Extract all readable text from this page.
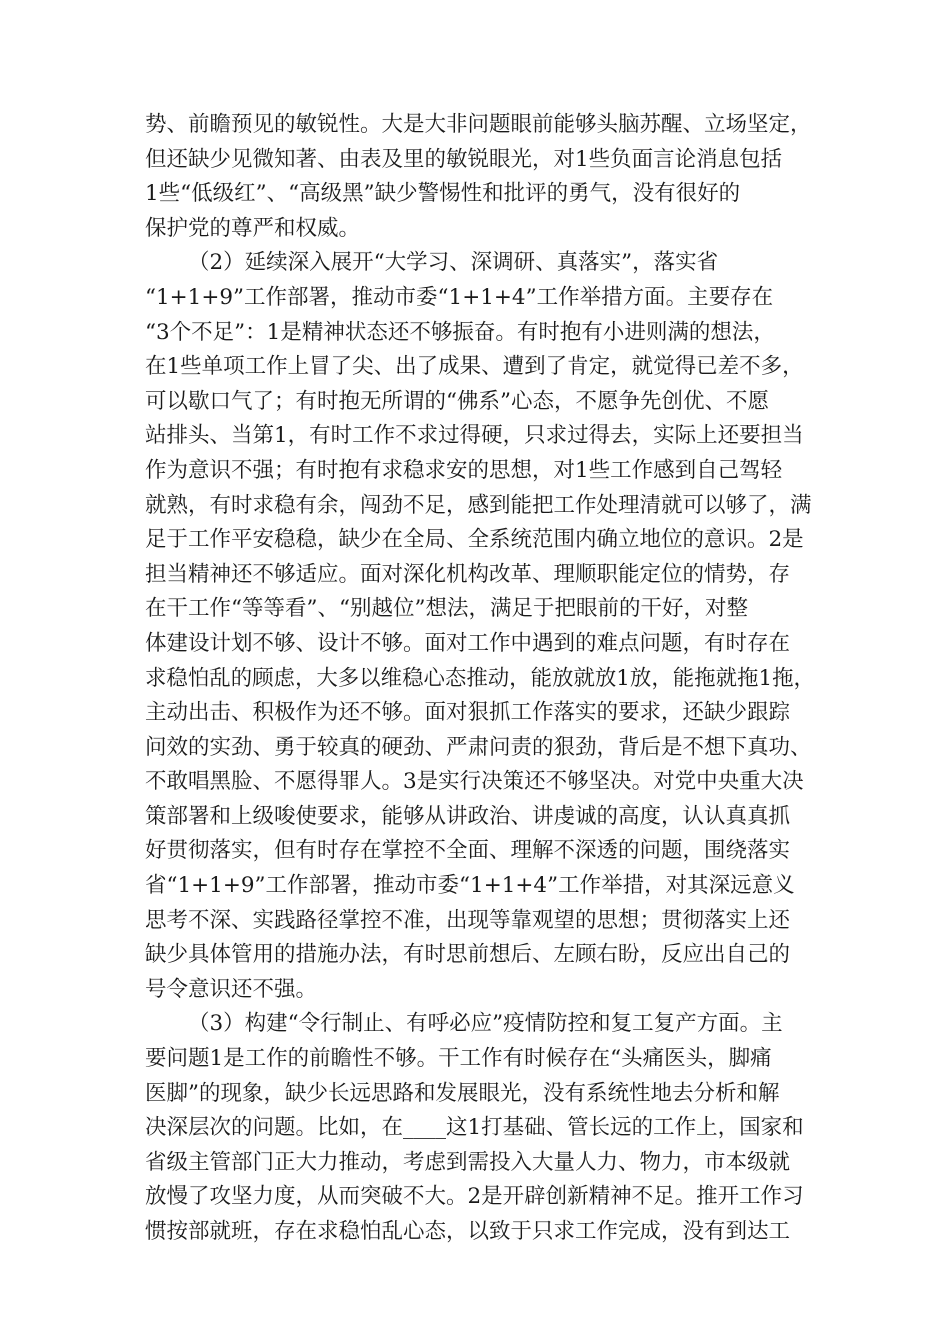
势、前瞻预见的敏锐性。大是大非问题眼前能够头脑苏醒、立场坚定，
但还缺少见微知著、由表及里的敏锐眼光，对1些负面言论消息包括
1些“低级红”、“高级黑”缺少警惕性和批评的勇气，没有很好的
保护党的尊严和权威。
（2）延续深入展开“大学习、深调研、真落实”，落实省
“1+1+9”工作部署，推动市委“1+1+4”工作举措方面。主要存在
“3个不足”：1是精神状态还不够振奋。有时抱有小进则满的想法，
在1些单项工作上冒了尖、出了成果、遭到了肯定，就觉得已差不多，
可以歇口气了；有时抱无所谓的“佛系”心态，不愿争先创优、不愿
站排头、当第1，有时工作不求过得硬，只求过得去，实际上还要担当
作为意识不强；有时抱有求稳求安的思想，对1些工作感到自己驾轻
就熟，有时求稳有余，闯劲不足，感到能把工作处理清就可以够了，满
足于工作平安稳稳，缺少在全局、全系统范围内确立地位的意识。2是
担当精神还不够适应。面对深化机构改革、理顺职能定位的情势，存
在干工作“等等看”、“别越位”想法，满足于把眼前的干好，对整
体建设计划不够、设计不够。面对工作中遇到的难点问题，有时存在
求稳怕乱的顾虑，大多以维稳心态推动，能放就放1放，能拖就拖1拖，
主动出击、积极作为还不够。面对狠抓工作落实的要求，还缺少跟踪
问效的实劲、勇于较真的硬劲、严肃问责的狠劲，背后是不想下真功、
不敢唱黑脸、不愿得罪人。3是实行决策还不够坚决。对党中央重大决
策部署和上级唆使要求，能够从讲政治、讲虔诚的高度，认认真真抓
好贯彻落实，但有时存在掌控不全面、理解不深透的问题，围绕落实
省“1+1+9”工作部署，推动市委“1+1+4”工作举措，对其深远意义
思考不深、实践路径掌控不准，出现等靠观望的思想；贯彻落实上还
缺少具体管用的措施办法，有时思前想后、左顾右盼，反应出自己的
号令意识还不强。
（3）构建“令行制止、有呼必应”疫情防控和复工复产方面。主
要问题1是工作的前瞻性不够。干工作有时候存在“头痛医头，脚痛
医脚”的现象，缺少长远思路和发展眼光，没有系统性地去分析和解
决深层次的问题。比如，在____这1打基础、管长远的工作上，国家和
省级主管部门正大力推动，考虑到需投入大量人力、物力，市本级就
放慢了攻坚力度，从而突破不大。2是开辟创新精神不足。推开工作习
惯按部就班，存在求稳怕乱心态，以致于只求工作完成，没有到达工
